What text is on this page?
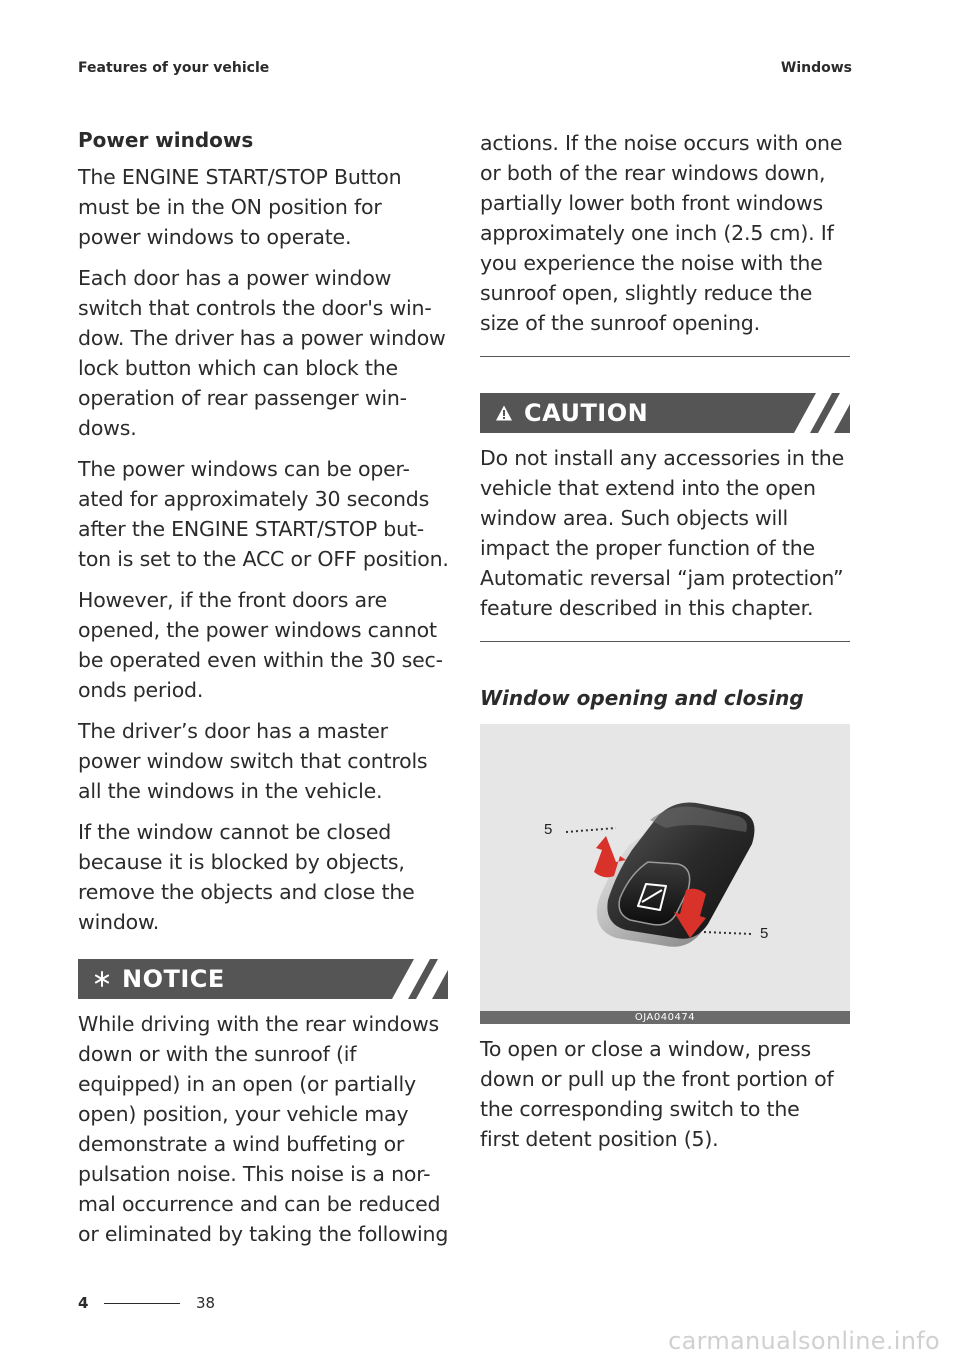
Features of your vehicle	Windows
Power windows

The ENGINE START/STOP Button

must be in the ON position for

power windows to operate.

Each door has a power window

switch that controls the door's win-

dow. The driver has a power window

lock button which can block the

operation of rear passenger win-

dows.

The power windows can be oper-

ated for approximately 30 seconds

after the ENGINE START/STOP but-

ton is set to the ACC or OFF position.

However, if the front doors are

opened, the power windows cannot

be operated even within the 30 sec-

onds period.

The driver’s door has a master

power window switch that controls

all the windows in the vehicle.

If the window cannot be closed

because it is blocked by objects,

remove the objects and close the

window.

NOTICE

While driving with the rear windows

down or with the sunroof (if

equipped) in an open (or partially

open) position, your vehicle may

demonstrate a wind buffeting or

pulsation noise. This noise is a nor-

mal occurrence and can be reduced

or eliminated by taking the following

actions. If the noise occurs with one

or both of the rear windows down,

partially lower both front windows

approximately one inch (2.5 cm). If

you experience the noise with the

sunroof open, slightly reduce the

size of the sunroof opening.

CAUTION

Do not install any accessories in the

vehicle that extend into the open

window area. Such objects will

impact the proper function of the

Automatic reversal “jam protection”

feature described in this chapter.

Window opening and closing
5
5
OJA040474

To open or close a window, press

down or pull up the front portion of

the corresponding switch to the

first detent position (5).

4	38
carmanualsonline.info
